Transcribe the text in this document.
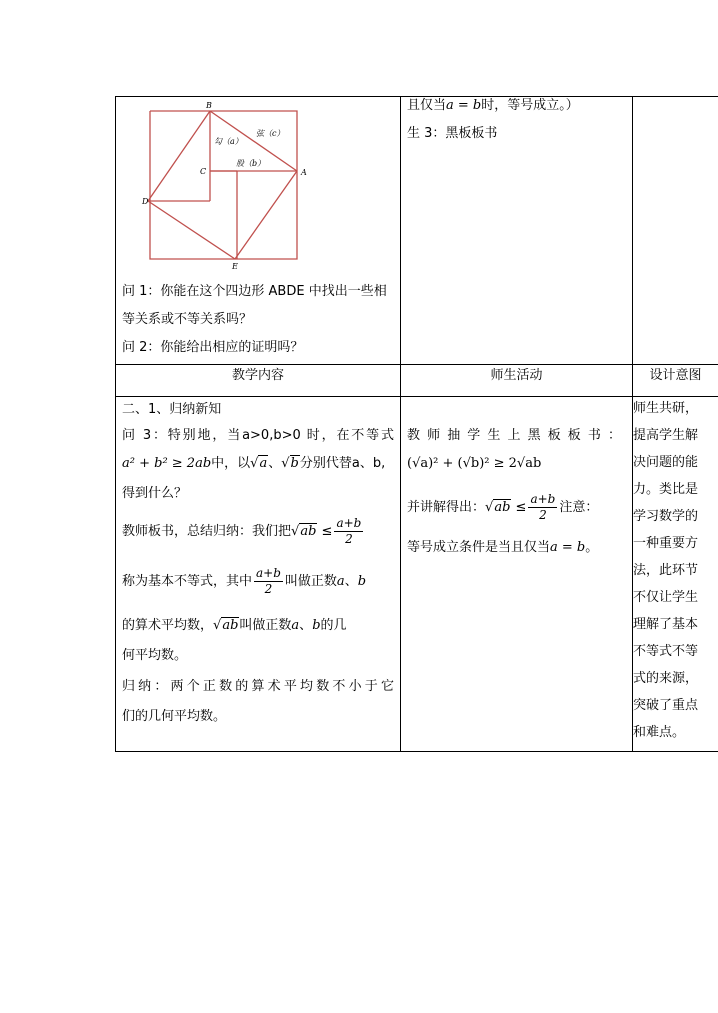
B
A
C
D
E
勾（a）
弦（c）
股（b）
问 1：你能在这个四边形 ABDE 中找出一些相
等关系或不等关系吗？
问 2：你能给出相应的证明吗？
且仅当a = b时，等号成立。）
生 3：黑板板书
教学内容	师生活动	设计意图
二、1、归纳新知
问 3：特别地，当a>0,b>0 时，在不等式
a² + b² ≥ 2ab中，以√a、√b分别代替a、b,
得到什么？
教师板书，总结归纳：我们把$√ab \le \frac{a+b}{2}$
称为基本不等式，其中 $\frac{a+b}{2}$ 叫做正数a、b
的算术平均数，√ab叫做正数a、b的几
何平均数。
归纳：两个正数的算术平均数不小于它
们的几何平均数。
教师抽学生上黑板板书：
(√a)² + (√b)² ≥ 2√ab
并讲解得出：$√ab \le \frac{a+b}{2}$ 注意：
等号成立条件是当且仅当a = b。
师生共研，
提高学生解
决问题的能
力。类比是
学习数学的
一种重要方
法，此环节
不仅让学生
理解了基本
不等式不等
式的来源，
突破了重点
和难点。
